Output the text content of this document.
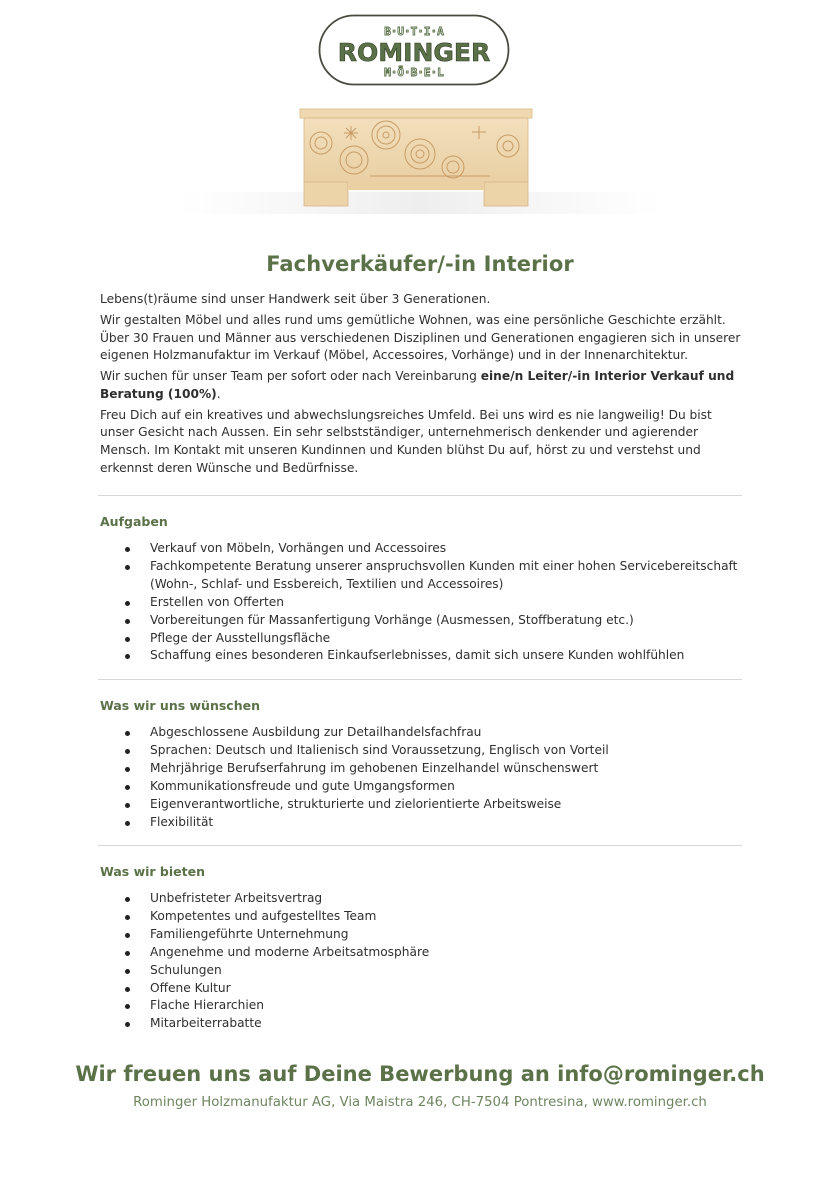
B·U·T·I·A
ROMINGER
M·Ö·B·E·L
Fachverkäufer/-in Interior

Lebens(t)räume sind unser Handwerk seit über 3 Generationen.

Wir gestalten Möbel und alles rund ums gemütliche Wohnen, was eine persönliche Geschichte erzählt. Über 30 Frauen und Männer aus verschiedenen Disziplinen und Generationen engagieren sich in unserer eigenen Holzmanufaktur im Verkauf (Möbel, Accessoires, Vorhänge) und in der Innenarchitektur.

Wir suchen für unser Team per sofort oder nach Vereinbarung eine/n Leiter/-in Interior Verkauf und Beratung (100%).

Freu Dich auf ein kreatives und abwechslungsreiches Umfeld. Bei uns wird es nie langweilig! Du bist unser Gesicht nach Aussen. Ein sehr selbstständiger, unternehmerisch denkender und agierender Mensch. Im Kontakt mit unseren Kundinnen und Kunden blühst Du auf, hörst zu und verstehst und erkennst deren Wünsche und Bedürfnisse.

Aufgaben
Verkauf von Möbeln, Vorhängen und Accessoires
Fachkompetente Beratung unserer anspruchsvollen Kunden mit einer hohen Servicebereitschaft (Wohn-, Schlaf- und Essbereich, Textilien und Accessoires)
Erstellen von Offerten
Vorbereitungen für Massanfertigung Vorhänge (Ausmessen, Stoffberatung etc.)
Pflege der Ausstellungsfläche
Schaffung eines besonderen Einkaufserlebnisses, damit sich unsere Kunden wohlfühlen
Was wir uns wünschen
Abgeschlossene Ausbildung zur Detailhandelsfachfrau
Sprachen: Deutsch und Italienisch sind Voraussetzung, Englisch von Vorteil
Mehrjährige Berufserfahrung im gehobenen Einzelhandel wünschenswert
Kommunikationsfreude und gute Umgangsformen
Eigenverantwortliche, strukturierte und zielorientierte Arbeitsweise
Flexibilität
Was wir bieten
Unbefristeter Arbeitsvertrag
Kompetentes und aufgestelltes Team
Familiengeführte Unternehmung
Angenehme und moderne Arbeitsatmosphäre
Schulungen
Offene Kultur
Flache Hierarchien
Mitarbeiterrabatte
Wir freuen uns auf Deine Bewerbung an info@rominger.ch
Rominger Holzmanufaktur AG, Via Maistra 246, CH-7504 Pontresina, www.rominger.ch
